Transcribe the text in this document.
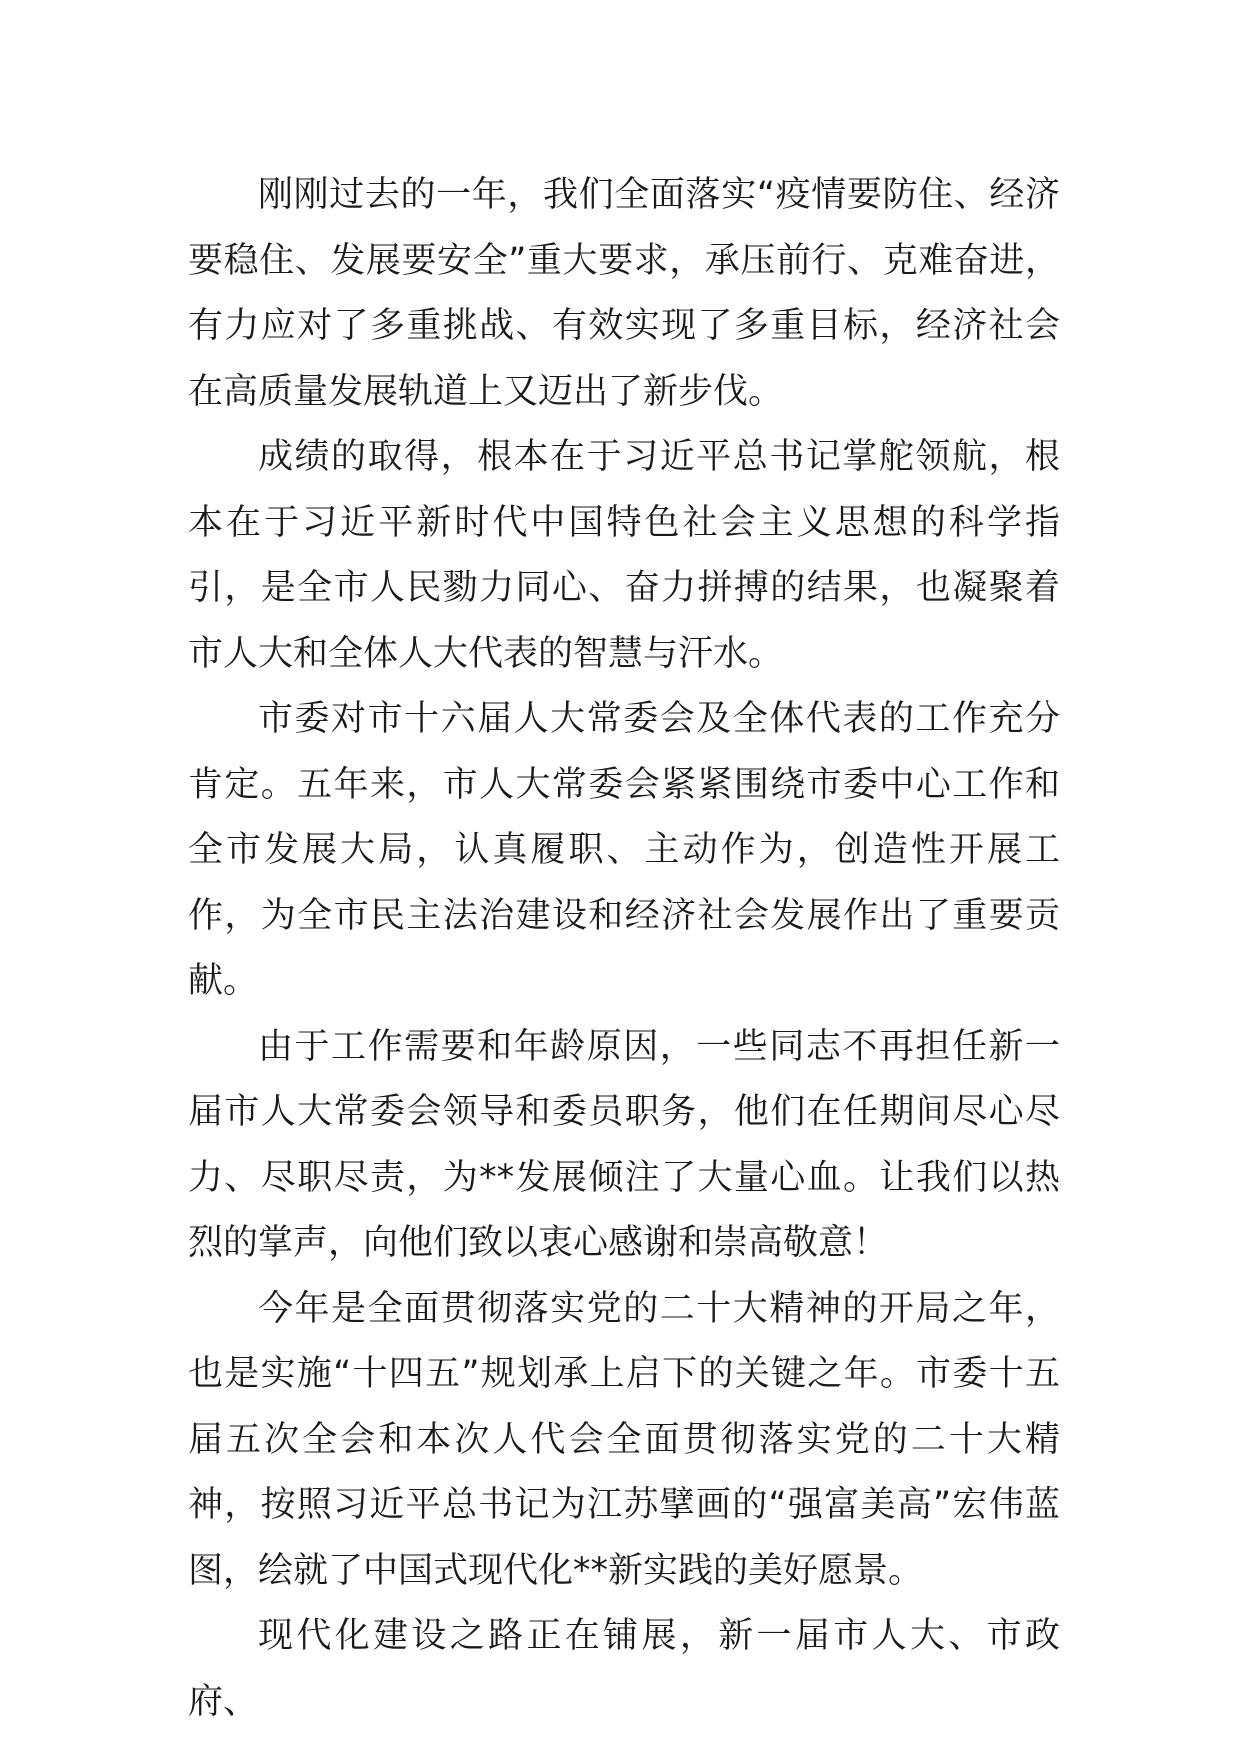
刚刚过去的一年，我们全面落实“疫情要防住、经济要稳住、发展要安全”重大要求，承压前行、克难奋进，有力应对了多重挑战、有效实现了多重目标，经济社会在高质量发展轨道上又迈出了新步伐。

成绩的取得，根本在于习近平总书记掌舵领航，根本在于习近平新时代中国特色社会主义思想的科学指引，是全市人民勠力同心、奋力拼搏的结果，也凝聚着市人大和全体人大代表的智慧与汗水。

市委对市十六届人大常委会及全体代表的工作充分肯定。五年来，市人大常委会紧紧围绕市委中心工作和全市发展大局，认真履职、主动作为，创造性开展工作，为全市民主法治建设和经济社会发展作出了重要贡献。

由于工作需要和年龄原因，一些同志不再担任新一届市人大常委会领导和委员职务，他们在任期间尽心尽力、尽职尽责，为**发展倾注了大量心血。让我们以热烈的掌声，向他们致以衷心感谢和崇高敬意！

今年是全面贯彻落实党的二十大精神的开局之年，也是实施“十四五”规划承上启下的关键之年。市委十五届五次全会和本次人代会全面贯彻落实党的二十大精神，按照习近平总书记为江苏擘画的“强富美高”宏伟蓝图，绘就了中国式现代化**新实践的美好愿景。

现代化建设之路正在铺展，新一届市人大、市政府、
